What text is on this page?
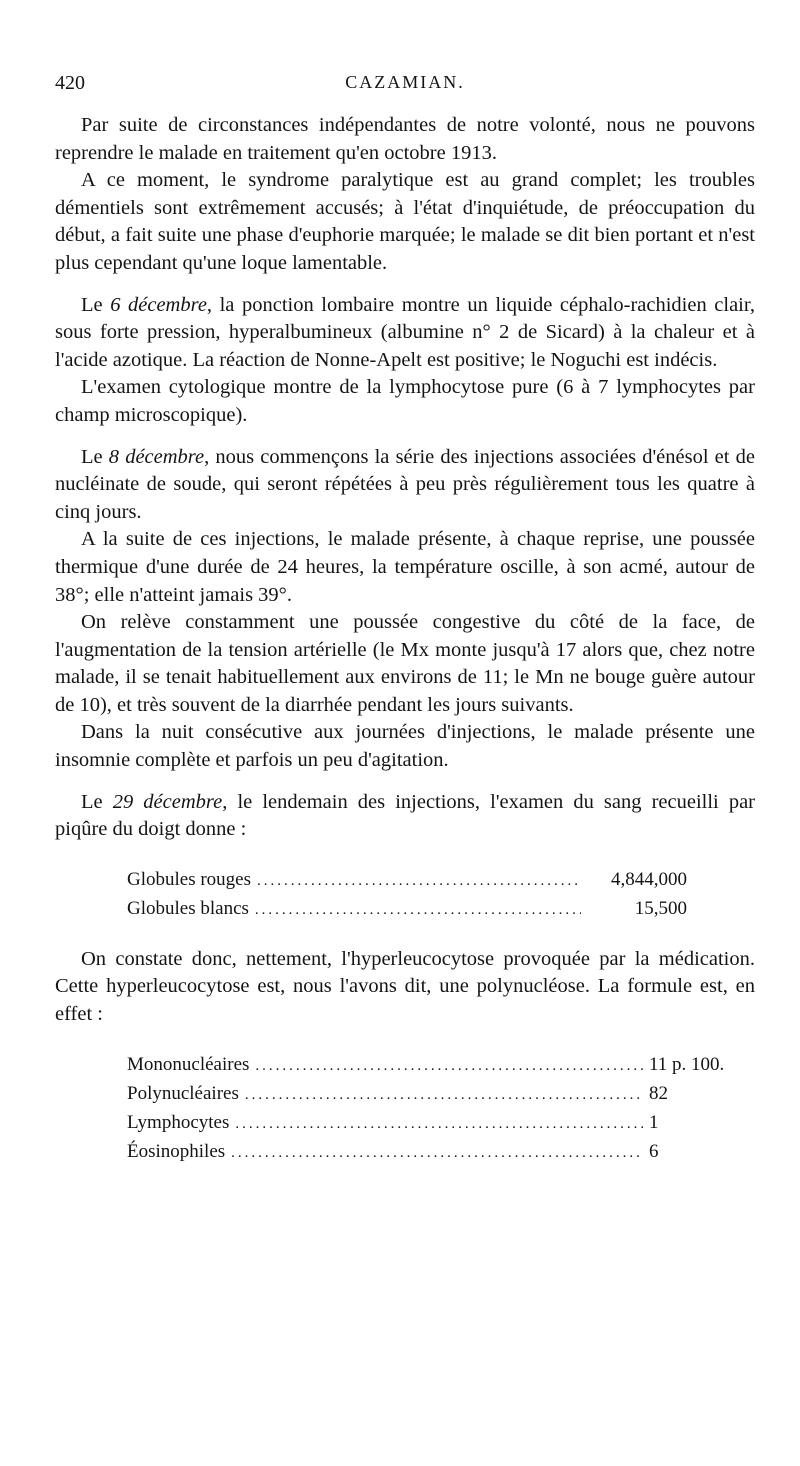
420	CAZAMIAN.

Par suite de circonstances indépendantes de notre volonté, nous ne pouvons reprendre le malade en traitement qu'en octobre 1913.

A ce moment, le syndrome paralytique est au grand complet; les troubles démentiels sont extrêmement accusés; à l'état d'inquiétude, de préoccupation du début, a fait suite une phase d'euphorie marquée; le malade se dit bien portant et n'est plus cependant qu'une loque lamentable.

Le 6 décembre, la ponction lombaire montre un liquide céphalo-rachidien clair, sous forte pression, hyperalbumineux (albumine n° 2 de Sicard) à la chaleur et à l'acide azotique. La réaction de Nonne-Apelt est positive; le Noguchi est indécis.

L'examen cytologique montre de la lymphocytose pure (6 à 7 lymphocytes par champ microscopique).

Le 8 décembre, nous commençons la série des injections associées d'énésol et de nucléinate de soude, qui seront répétées à peu près régulièrement tous les quatre à cinq jours.

A la suite de ces injections, le malade présente, à chaque reprise, une poussée thermique d'une durée de 24 heures, la température oscille, à son acmé, autour de 38°; elle n'atteint jamais 39°.

On relève constamment une poussée congestive du côté de la face, de l'augmentation de la tension artérielle (le Mx monte jusqu'à 17 alors que, chez notre malade, il se tenait habituellement aux environs de 11; le Mn ne bouge guère autour de 10), et très souvent de la diarrhée pendant les jours suivants.

Dans la nuit consécutive aux journées d'injections, le malade présente une insomnie complète et parfois un peu d'agitation.

Le 29 décembre, le lendemain des injections, l'examen du sang recueilli par piqûre du doigt donne :

Globules rouges .....	4,844,000
Globules blancs .....	15,500

On constate donc, nettement, l'hyperleucocytose provoquée par la médication. Cette hyperleucocytose est, nous l'avons dit, une polynucléose. La formule est, en effet :

Mononucléaires .....	11 p. 100.
Polynucléaires .....	82
Lymphocytes .....	1
Éosinophiles .....	6
